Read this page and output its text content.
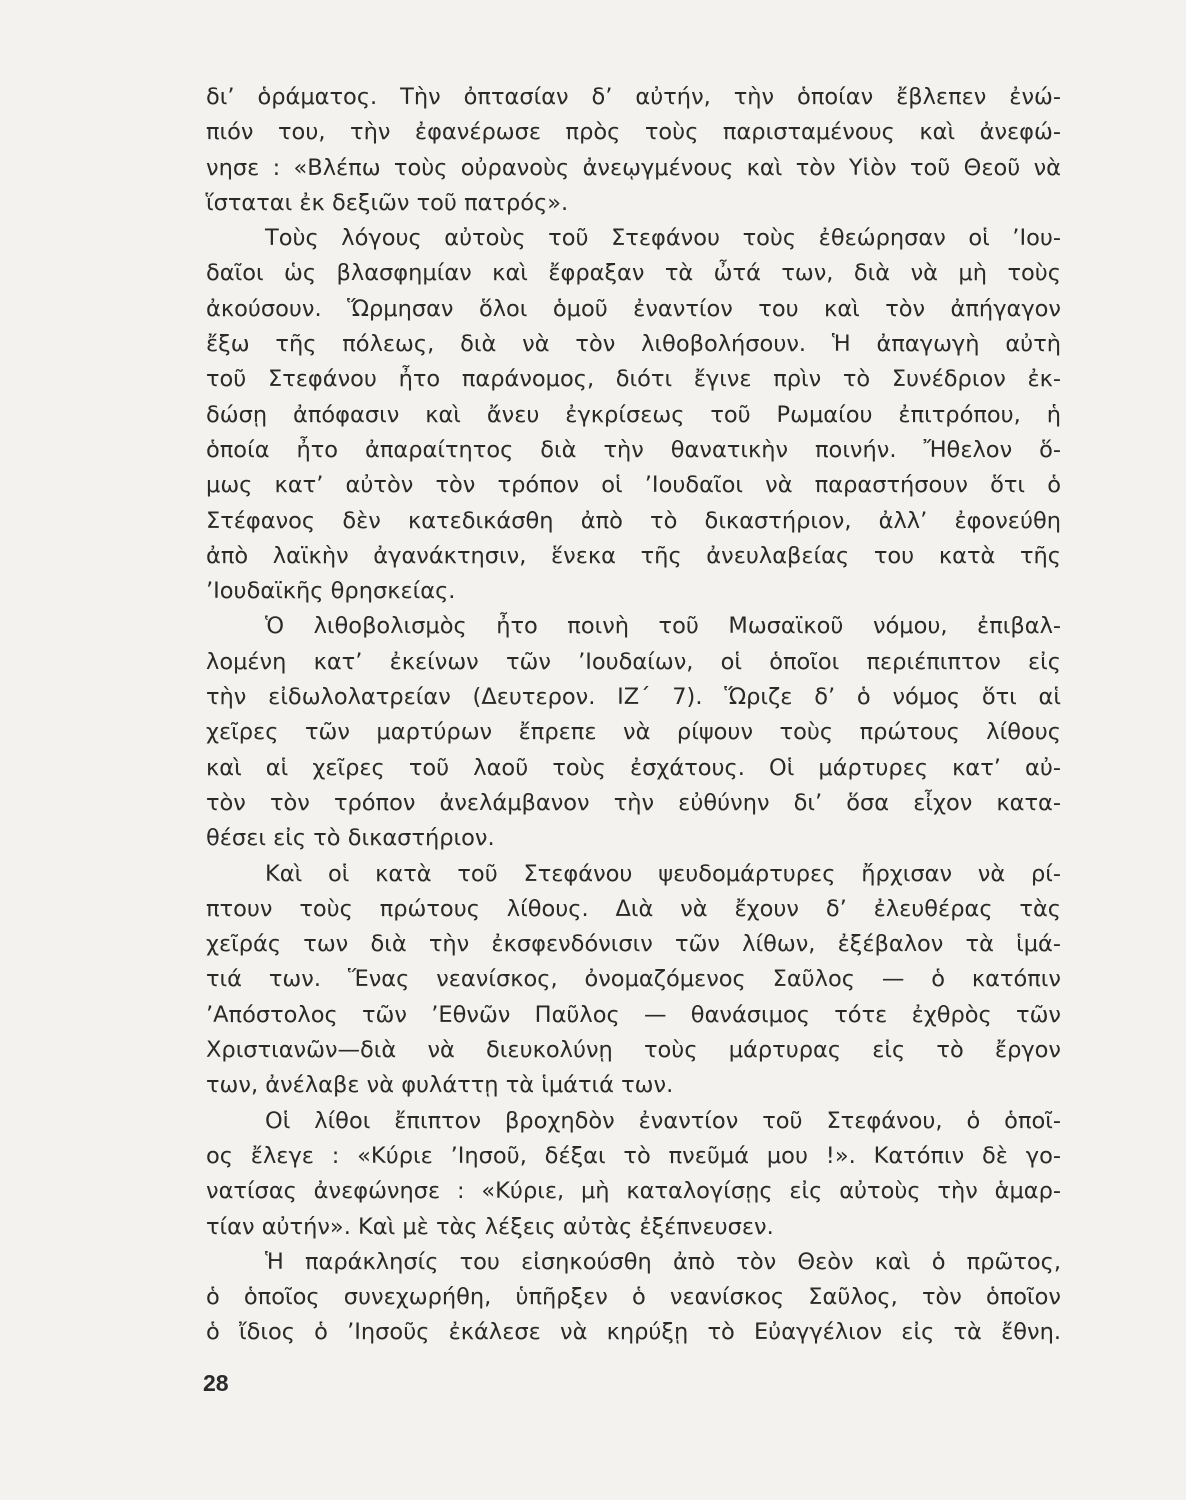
δι’ ὁράματος. Τὴν ὀπτασίαν δ’ αὐτήν, τὴν ὁποίαν ἔβλεπεν ἐνώ-
πιόν του, τὴν ἐφανέρωσε πρὸς τοὺς παρισταμένους καὶ ἀνεφώ-
νησε : «Βλέπω τοὺς οὐρανοὺς ἀνεῳγμένους καὶ τὸν Υἱὸν τοῦ Θεοῦ νὰ
ἵσταται ἐκ δεξιῶν τοῦ πατρός».
Τοὺς λόγους αὐτοὺς τοῦ Στεφάνου τοὺς ἐθεώρησαν οἱ ’Ιου-
δαῖοι ὡς βλασφημίαν καὶ ἔφραξαν τὰ ὦτά των, διὰ νὰ μὴ τοὺς
ἀκούσουν. Ὥρμησαν ὅλοι ὁμοῦ ἐναντίον του καὶ τὸν ἀπήγαγον
ἔξω τῆς πόλεως, διὰ νὰ τὸν λιθοβολήσουν. Ἡ ἀπαγωγὴ αὐτὴ
τοῦ Στεφάνου ἦτο παράνομος, διότι ἔγινε πρὶν τὸ Συνέδριον ἐκ-
δώσῃ ἀπόφασιν καὶ ἄνευ ἐγκρίσεως τοῦ Ρωμαίου ἐπιτρόπου, ἡ
ὁποία ἦτο ἀπαραίτητος διὰ τὴν θανατικὴν ποινήν. Ἤθελον ὅ-
μως κατ’ αὐτὸν τὸν τρόπον οἱ ’Ιουδαῖοι νὰ παραστήσουν ὅτι ὁ
Στέφανος δὲν κατεδικάσθη ἀπὸ τὸ δικαστήριον, ἀλλ’ ἐφονεύθη
ἀπὸ λαϊκὴν ἀγανάκτησιν, ἕνεκα τῆς ἀνευλαβείας του κατὰ τῆς
’Ιουδαϊκῆς θρησκείας.
Ὁ λιθοβολισμὸς ἦτο ποινὴ τοῦ Μωσαϊκοῦ νόμου, ἐπιβαλ-
λομένη κατ’ ἐκείνων τῶν ’Ιουδαίων, οἱ ὁποῖοι περιέπιπτον εἰς
τὴν εἰδωλολατρείαν (Δευτερον. ΙΖ΄ 7). Ὥριζε δ’ ὁ νόμος ὅτι αἱ
χεῖρες τῶν μαρτύρων ἔπρεπε νὰ ρίψουν τοὺς πρώτους λίθους
καὶ αἱ χεῖρες τοῦ λαοῦ τοὺς ἐσχάτους. Οἱ μάρτυρες κατ’ αὐ-
τὸν τὸν τρόπον ἀνελάμβανον τὴν εὐθύνην δι’ ὅσα εἶχον κατα-
θέσει εἰς τὸ δικαστήριον.
Καὶ οἱ κατὰ τοῦ Στεφάνου ψευδομάρτυρες ἤρχισαν νὰ ρί-
πτουν τοὺς πρώτους λίθους. Διὰ νὰ ἔχουν δ’ ἐλευθέρας τὰς
χεῖράς των διὰ τὴν ἐκσφενδόνισιν τῶν λίθων, ἐξέβαλον τὰ ἱμά-
τιά των. Ἕνας νεανίσκος, ὀνομαζόμενος Σαῦλος — ὁ κατόπιν
’Απόστολος τῶν ’Εθνῶν Παῦλος — θανάσιμος τότε ἐχθρὸς τῶν
Χριστιανῶν—διὰ νὰ διευκολύνῃ τοὺς μάρτυρας εἰς τὸ ἔργον
των, ἀνέλαβε νὰ φυλάττῃ τὰ ἱμάτιά των.
Οἱ λίθοι ἔπιπτον βροχηδὸν ἐναντίον τοῦ Στεφάνου, ὁ ὁποῖ-
ος ἔλεγε : «Κύριε ’Ιησοῦ, δέξαι τὸ πνεῦμά μου !». Κατόπιν δὲ γο-
νατίσας ἀνεφώνησε : «Κύριε, μὴ καταλογίσῃς εἰς αὐτοὺς τὴν ἁμαρ-
τίαν αὐτήν». Καὶ μὲ τὰς λέξεις αὐτὰς ἐξέπνευσεν.
Ἡ παράκλησίς του εἰσηκούσθη ἀπὸ τὸν Θεὸν καὶ ὁ πρῶτος,
ὁ ὁποῖος συνεχωρήθη, ὑπῆρξεν ὁ νεανίσκος Σαῦλος, τὸν ὁποῖον
ὁ ἴδιος ὁ ’Ιησοῦς ἐκάλεσε νὰ κηρύξῃ τὸ Εὐαγγέλιον εἰς τὰ ἔθνη.
28
